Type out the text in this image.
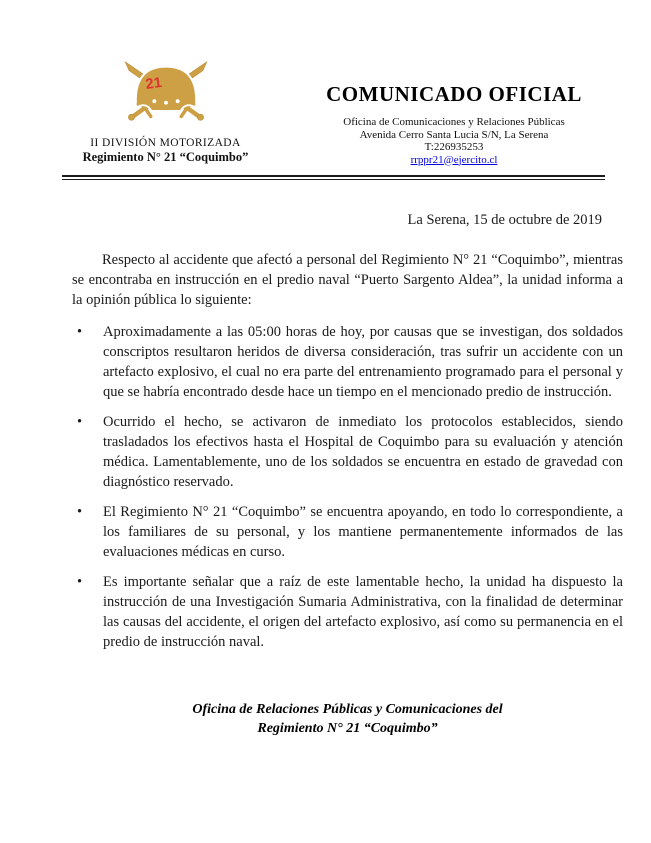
21
II DIVISIÓN MOTORIZADA
Regimiento N° 21 “Coquimbo”
COMUNICADO OFICIAL
Oficina de Comunicaciones y Relaciones Públicas
Avenida Cerro Santa Lucia S/N, La Serena
T:226935253
rrppr21@ejercito.cl
La Serena, 15 de octubre de 2019

Respecto al accidente que afectó a personal del Regimiento N° 21 “Coquimbo”, mientras se encontraba en instrucción en el predio naval “Puerto Sargento Aldea”, la unidad informa a la opinión pública lo siguiente:

• Aproximadamente a las 05:00 horas de hoy, por causas que se investigan, dos soldados conscriptos resultaron heridos de diversa consideración, tras sufrir un accidente con un artefacto explosivo, el cual no era parte del entrenamiento programado para el personal y que se habría encontrado desde hace un tiempo en el mencionado predio de instrucción.
• Ocurrido el hecho, se activaron de inmediato los protocolos establecidos, siendo trasladados los efectivos hasta el Hospital de Coquimbo para su evaluación y atención médica. Lamentablemente, uno de los soldados se encuentra en estado de gravedad con diagnóstico reservado.
• El Regimiento N° 21 “Coquimbo” se encuentra apoyando, en todo lo correspondiente, a los familiares de su personal, y los mantiene permanentemente informados de las evaluaciones médicas en curso.
• Es importante señalar que a raíz de este lamentable hecho, la unidad ha dispuesto la instrucción de una Investigación Sumaria Administrativa, con la finalidad de determinar las causas del accidente, el origen del artefacto explosivo, así como su permanencia en el predio de instrucción naval.
Oficina de Relaciones Públicas y Comunicaciones del
Regimiento N° 21 “Coquimbo”
